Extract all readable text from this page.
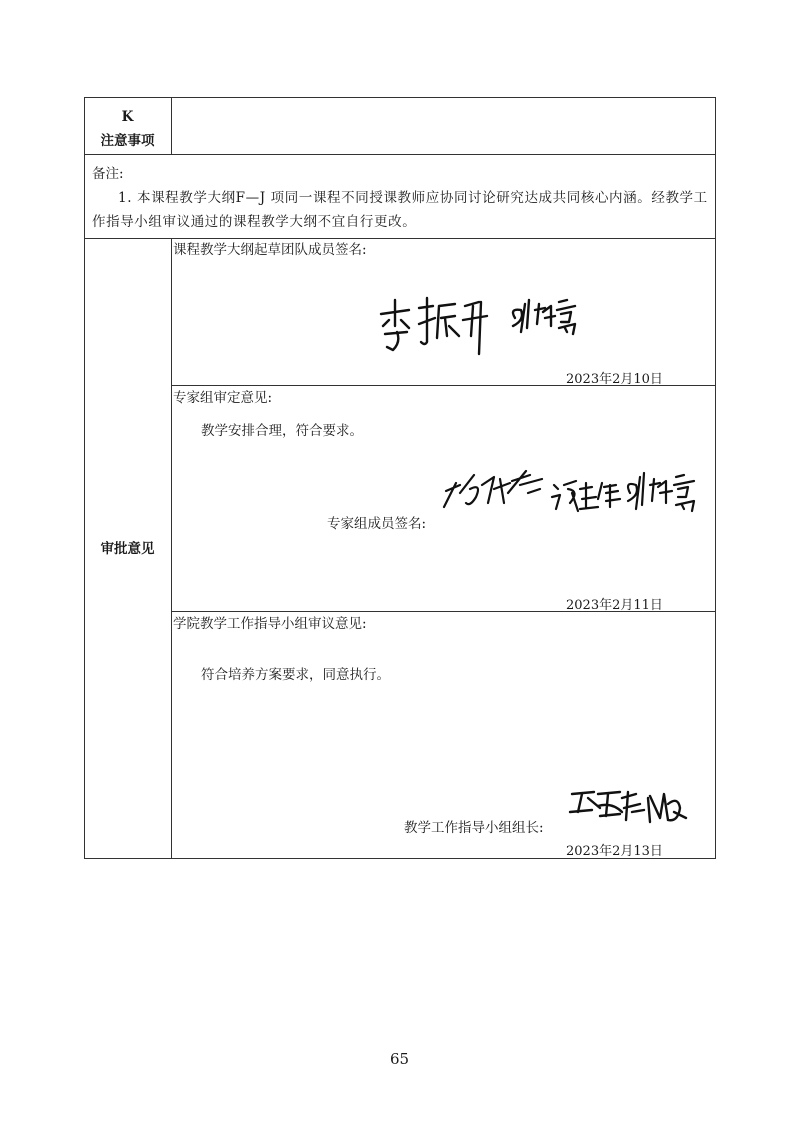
K
注意事项
备注:
1. 本课程教学大纲F—J 项同一课程不同授课教师应协同讨论研究达成共同核心内涵。经教学工
作指导小组审议通过的课程教学大纲不宜自行更改。
审批意见
课程教学大纲起草团队成员签名:
2023年2月10日
专家组审定意见:
教学安排合理，符合要求。
专家组成员签名:
2023年2月11日
学院教学工作指导小组审议意见:
符合培养方案要求，同意执行。
教学工作指导小组组长:
2023年2月13日
65
